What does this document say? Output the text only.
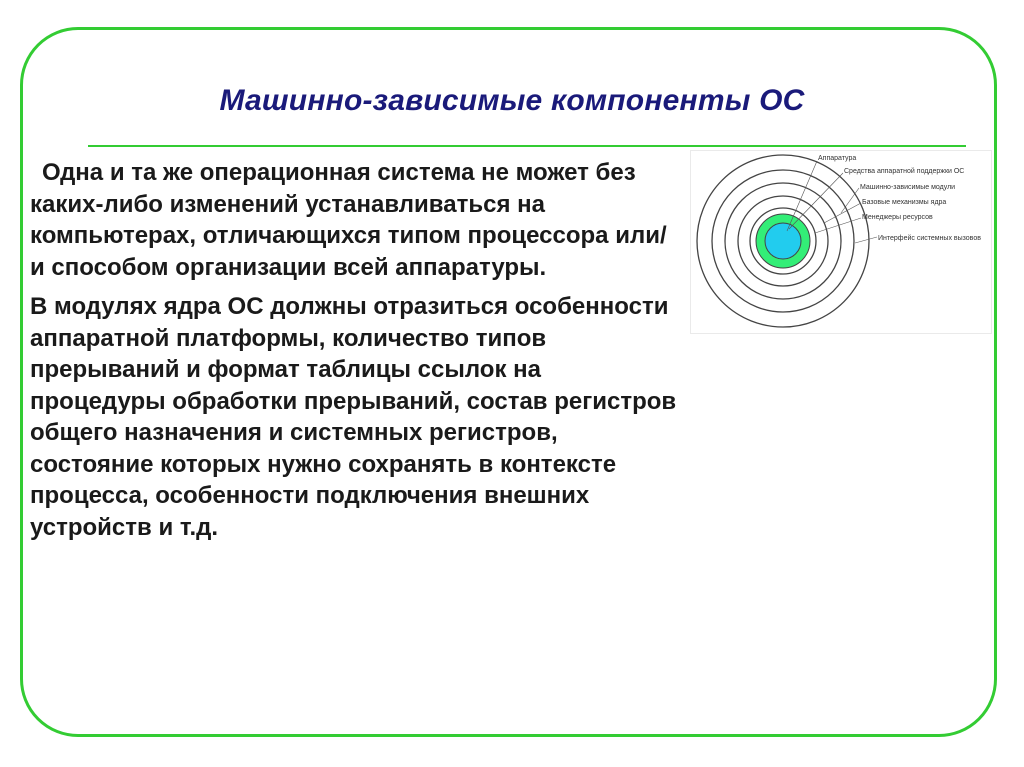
Машинно-зависимые компоненты ОС

Одна и та же операционная система не может без каких-либо изменений устанавливаться на компьютерах, отличающихся типом процессора или/и способом организации всей аппаратуры.

В модулях ядра ОС должны отразиться особенности аппаратной платформы, количество типов прерываний и формат таблицы ссылок на процедуры обработки прерываний, состав регистров общего назначения и системных регистров, состояние которых нужно сохранять в контексте процесса, особенности подключения внешних устройств и т.д.

Аппаратура
Средства аппаратной поддержки ОС
Машинно-зависимые модули
Базовые механизмы ядра
Менеджеры ресурсов
Интерфейс системных вызовов
